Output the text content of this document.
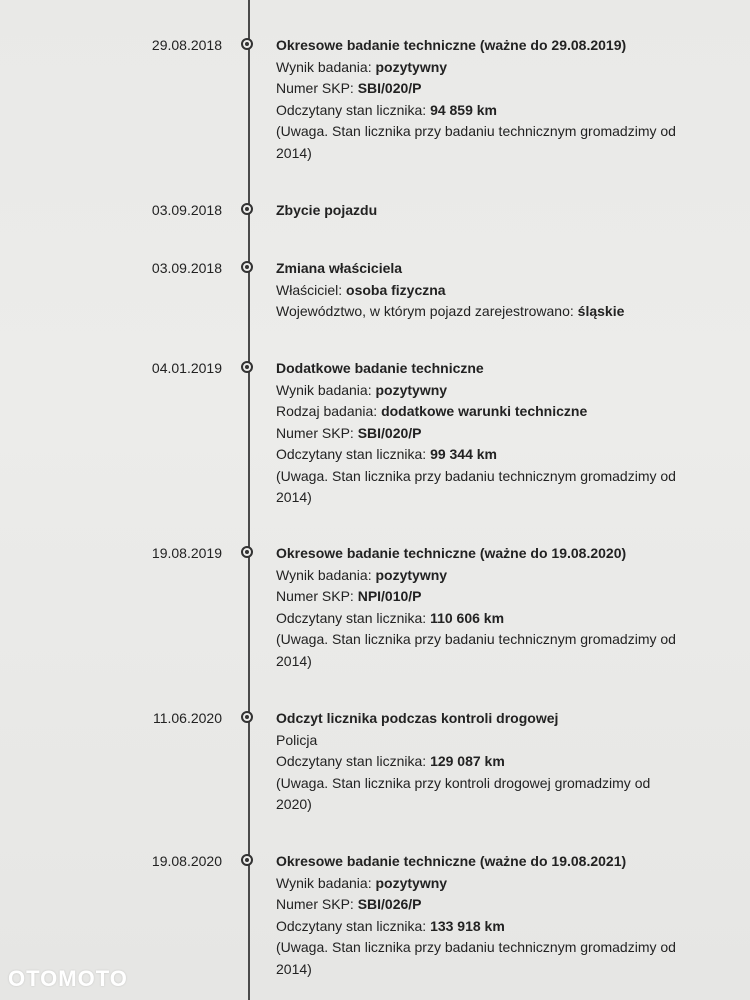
29.08.2018	Okresowe badanie techniczne (ważne do 29.08.2019)
Wynik badania: pozytywny
Numer SKP: SBI/020/P
Odczytany stan licznika: 94 859 km
(Uwaga. Stan licznika przy badaniu technicznym gromadzimy od
2014)
03.09.2018	Zbycie pojazdu
03.09.2018	Zmiana właściciela
Właściciel: osoba fizyczna
Województwo, w którym pojazd zarejestrowano: śląskie
04.01.2019	Dodatkowe badanie techniczne
Wynik badania: pozytywny
Rodzaj badania: dodatkowe warunki techniczne
Numer SKP: SBI/020/P
Odczytany stan licznika: 99 344 km
(Uwaga. Stan licznika przy badaniu technicznym gromadzimy od
2014)
19.08.2019	Okresowe badanie techniczne (ważne do 19.08.2020)
Wynik badania: pozytywny
Numer SKP: NPI/010/P
Odczytany stan licznika: 110 606 km
(Uwaga. Stan licznika przy badaniu technicznym gromadzimy od
2014)
11.06.2020	Odczyt licznika podczas kontroli drogowej
Policja
Odczytany stan licznika: 129 087 km
(Uwaga. Stan licznika przy kontroli drogowej gromadzimy od
2020)
19.08.2020	Okresowe badanie techniczne (ważne do 19.08.2021)
Wynik badania: pozytywny
Numer SKP: SBI/026/P
Odczytany stan licznika: 133 918 km
(Uwaga. Stan licznika przy badaniu technicznym gromadzimy od
2014)
OTOMOTO
